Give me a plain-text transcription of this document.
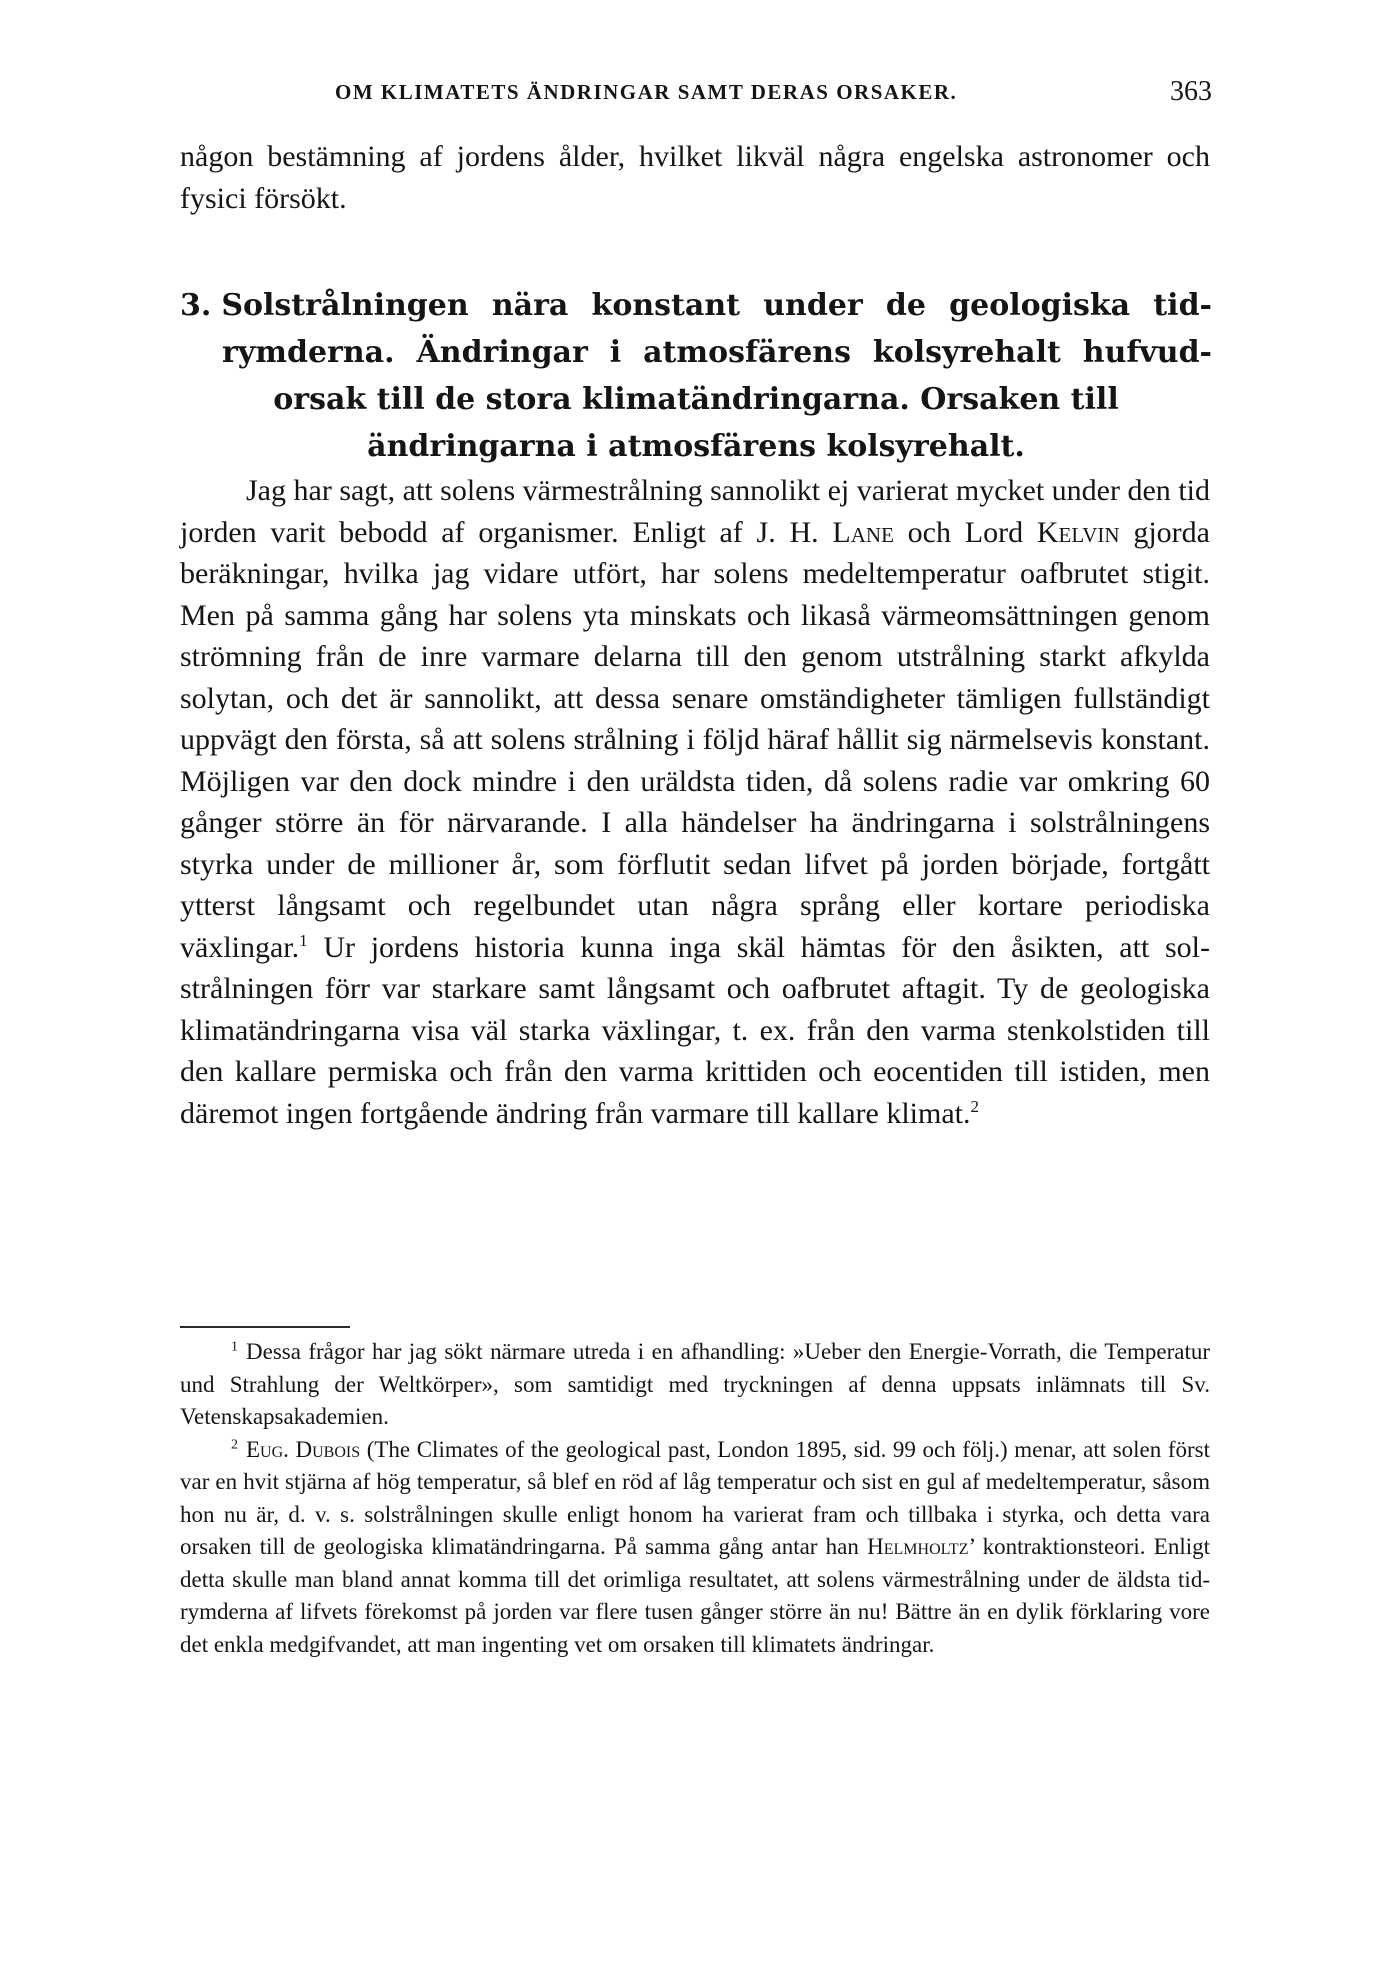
OM KLIMATETS ÄNDRINGAR SAMT DERAS ORSAKER.	363

någon bestämning af jordens ålder, hvilket likväl några engelska astronomer och fysici försökt.

3. Solstrålningen nära konstant under de geologiska tid-
rymderna. Ändringar i atmosfärens kolsyrehalt hufvud-
orsak till de stora klimatändringarna. Orsaken till
ändringarna i atmosfärens kolsyrehalt.

Jag har sagt, att solens värmestrålning sannolikt ej varierat mycket under den tid jorden varit bebodd af organismer. Enligt af J. H. Lane och Lord Kelvin gjorda beräkningar, hvilka jag vidare utfört, har solens medeltemperatur oafbrutet stigit. Men på samma gång har solens yta minskats och likaså värmeomsättningen genom strömning från de inre varmare delarna till den genom utstrålning starkt afkylda solytan, och det är sannolikt, att dessa senare omständigheter tämligen fullständigt uppvägt den första, så att solens strålning i följd häraf hållit sig närmelsevis konstant. Möjligen var den dock mindre i den uräldsta tiden, då solens radie var omkring 60 gånger större än för närvarande. I alla händelser ha ändringarna i solstrålningens styrka under de millioner år, som förflutit sedan lifvet på jorden började, fortgått ytterst långsamt och regelbundet utan några språng eller kortare periodiska växlingar.$^1$ Ur jordens historia kunna inga skäl hämtas för den åsikten, att solstrålningen förr var starkare samt långsamt och oafbrutet aftagit. Ty de geologiska klimatändringarna visa väl starka växlingar, t. ex. från den varma stenkolstiden till den kallare permiska och från den varma krittiden och eocentiden till istiden, men däremot ingen fortgående ändring från varmare till kallare klimat.$^2$

$^1$ Dessa frågor har jag sökt närmare utreda i en afhandling: »Ueber den Energie-Vorrath, die Temperatur und Strahlung der Weltkörper», som samtidigt med tryckningen af denna uppsats inlämnats till Sv. Vetenskapsakademien.

$^2$ Eug. Dubois (The Climates of the geological past, London 1895, sid. 99 och följ.) menar, att solen först var en hvit stjärna af hög temperatur, så blef en röd af låg temperatur och sist en gul af medeltemperatur, såsom hon nu är, d. v. s. solstrålningen skulle enligt honom ha varierat fram och tillbaka i styrka, och detta vara orsaken till de geologiska klimatändringarna. På samma gång antar han Helmholtz’ kontraktionsteori. Enligt detta skulle man bland annat komma till det orimliga resultatet, att solens värmestrålning under de äldsta tidrymderna af lifvets förekomst på jorden var flere tusen gånger större än nu! Bättre än en dylik förklaring vore det enkla medgifvandet, att man ingenting vet om orsaken till klimatets ändringar.
